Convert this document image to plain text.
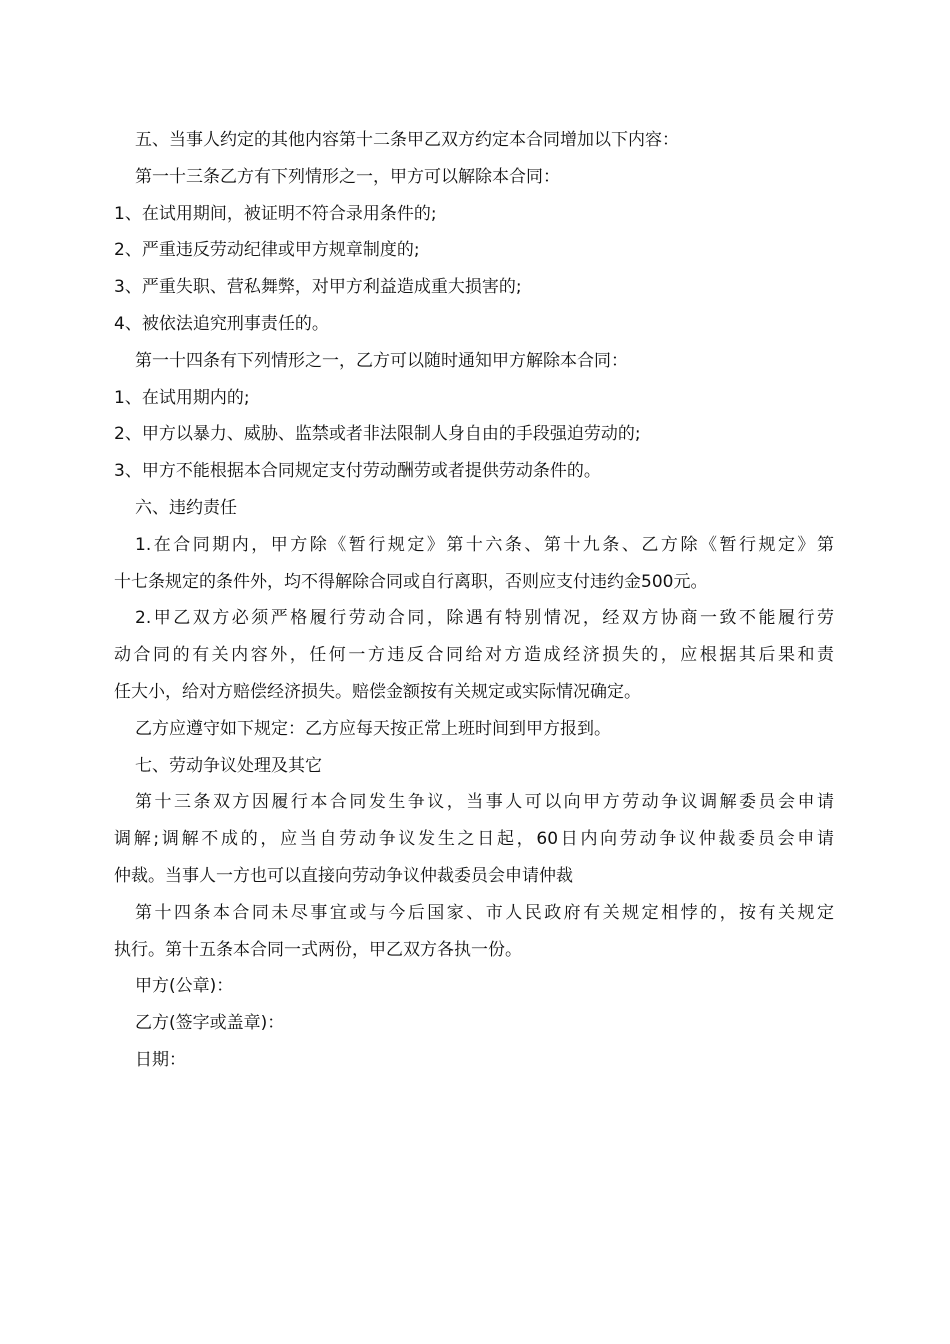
五、当事人约定的其他内容第十二条甲乙双方约定本合同增加以下内容：

第一十三条乙方有下列情形之一，甲方可以解除本合同：

1、在试用期间，被证明不符合录用条件的;

2、严重违反劳动纪律或甲方规章制度的;

3、严重失职、营私舞弊，对甲方利益造成重大损害的;

4、被依法追究刑事责任的。

第一十四条有下列情形之一，乙方可以随时通知甲方解除本合同：

1、在试用期内的;

2、甲方以暴力、威胁、监禁或者非法限制人身自由的手段强迫劳动的;

3、甲方不能根据本合同规定支付劳动酬劳或者提供劳动条件的。

六、违约责任

1.在合同期内，甲方除《暂行规定》第十六条、第十九条、乙方除《暂行规定》第

十七条规定的条件外，均不得解除合同或自行离职，否则应支付违约金500元。

2.甲乙双方必须严格履行劳动合同，除遇有特别情况，经双方协商一致不能履行劳

动合同的有关内容外，任何一方违反合同给对方造成经济损失的，应根据其后果和责

任大小，给对方赔偿经济损失。赔偿金额按有关规定或实际情况确定。

乙方应遵守如下规定：乙方应每天按正常上班时间到甲方报到。

七、劳动争议处理及其它

第十三条双方因履行本合同发生争议，当事人可以向甲方劳动争议调解委员会申请

调解;调解不成的，应当自劳动争议发生之日起，60日内向劳动争议仲裁委员会申请

仲裁。当事人一方也可以直接向劳动争议仲裁委员会申请仲裁

第十四条本合同未尽事宜或与今后国家、市人民政府有关规定相悖的，按有关规定

执行。第十五条本合同一式两份，甲乙双方各执一份。

甲方(公章)：

乙方(签字或盖章)：

日期：
